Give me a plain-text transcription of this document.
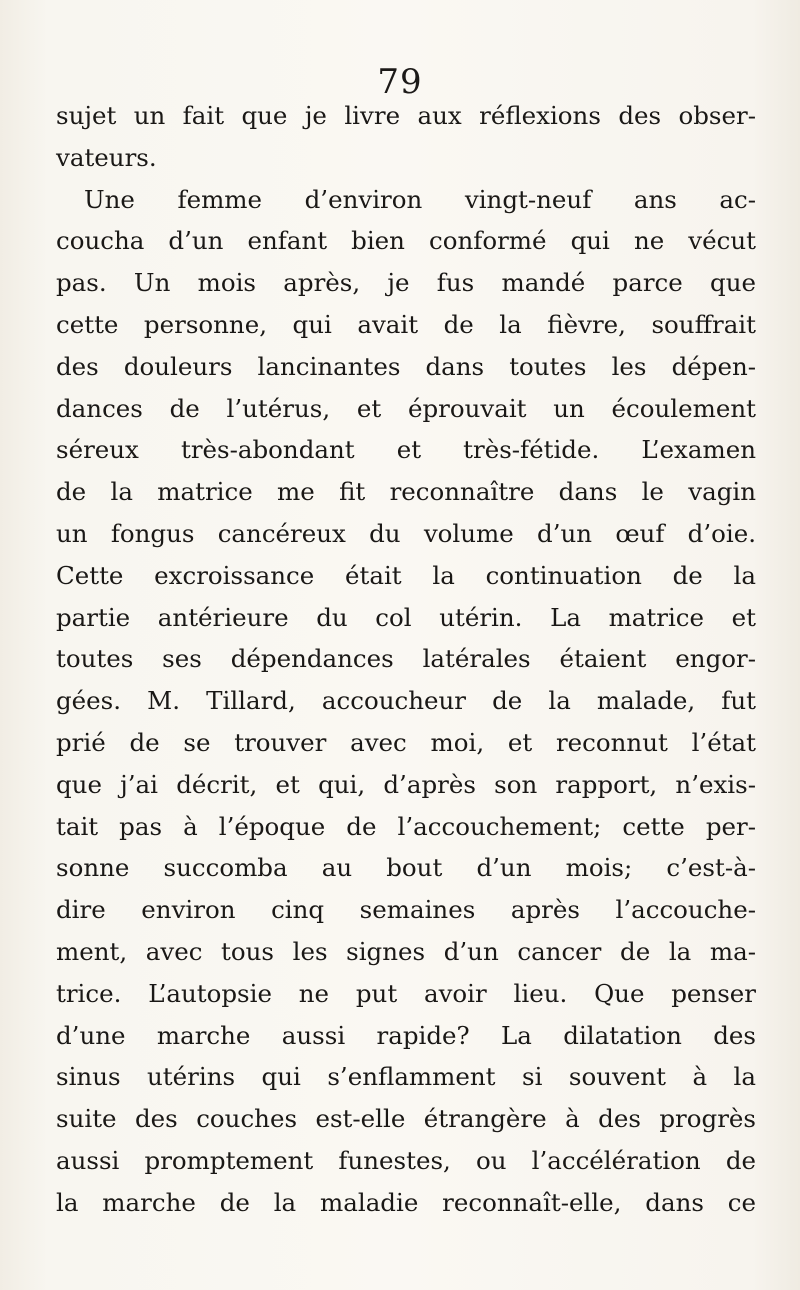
79
sujet un fait que je livre aux réflexions des obser-
vateurs.
Une femme d’environ vingt-neuf ans ac-
coucha d’un enfant bien conformé qui ne vécut
pas. Un mois après, je fus mandé parce que
cette personne, qui avait de la fièvre, souffrait
des douleurs lancinantes dans toutes les dépen-
dances de l’utérus, et éprouvait un écoulement
séreux très-abondant et très-fétide. L’examen
de la matrice me fit reconnaître dans le vagin
un fongus cancéreux du volume d’un œuf d’oie.
Cette excroissance était la continuation de la
partie antérieure du col utérin. La matrice et
toutes ses dépendances latérales étaient engor-
gées. M. Tillard, accoucheur de la malade, fut
prié de se trouver avec moi, et reconnut l’état
que j’ai décrit, et qui, d’après son rapport, n’exis-
tait pas à l’époque de l’accouchement; cette per-
sonne succomba au bout d’un mois; c’est-à-
dire environ cinq semaines après l’accouche-
ment, avec tous les signes d’un cancer de la ma-
trice. L’autopsie ne put avoir lieu. Que penser
d’une marche aussi rapide? La dilatation des
sinus utérins qui s’enflamment si souvent à la
suite des couches est-elle étrangère à des progrès
aussi promptement funestes, ou l’accélération de
la marche de la maladie reconnaît-elle, dans ce
